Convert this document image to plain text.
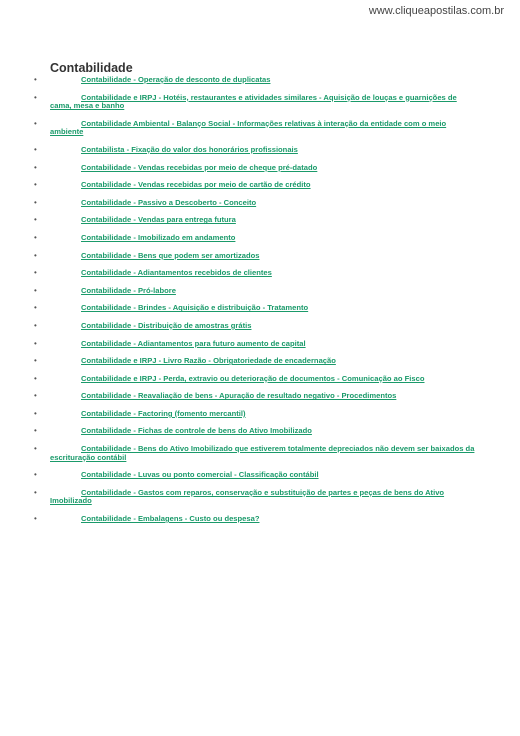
www.cliqueapostilas.com.br
Contabilidade
•	Contabilidade - Operação de desconto de duplicatas
•	Contabilidade e IRPJ - Hotéis, restaurantes e atividades similares - Aquisição de louças e guarnições de cama, mesa e banho
•	Contabilidade Ambiental - Balanço Social - Informações relativas à interação da entidade com o meio ambiente
•	Contabilista - Fixação do valor dos honorários profissionais
•	Contabilidade - Vendas recebidas por meio de cheque pré-datado
•	Contabilidade - Vendas recebidas por meio de cartão de crédito
•	Contabilidade - Passivo a Descoberto - Conceito
•	Contabilidade - Vendas para entrega futura
•	Contabilidade - Imobilizado em andamento
•	Contabilidade - Bens que podem ser amortizados
•	Contabilidade - Adiantamentos recebidos de clientes
•	Contabilidade - Pró-labore
•	Contabilidade - Brindes - Aquisição e distribuição - Tratamento
•	Contabilidade - Distribuição de amostras grátis
•	Contabilidade - Adiantamentos para futuro aumento de capital
•	Contabilidade e IRPJ - Livro Razão - Obrigatoriedade de encadernação
•	Contabilidade e IRPJ - Perda, extravio ou deterioração de documentos - Comunicação ao Fisco
•	Contabilidade - Reavaliação de bens - Apuração de resultado negativo - Procedimentos
•	Contabilidade - Factoring (fomento mercantil)
•	Contabilidade - Fichas de controle de bens do Ativo Imobilizado
•	Contabilidade - Bens do Ativo Imobilizado que estiverem totalmente depreciados não devem ser baixados da escrituração contábil
•	Contabilidade - Luvas ou ponto comercial - Classificação contábil
•	Contabilidade - Gastos com reparos, conservação e substituição de partes e peças de bens do Ativo Imobilizado
•	Contabilidade - Embalagens - Custo ou despesa?
